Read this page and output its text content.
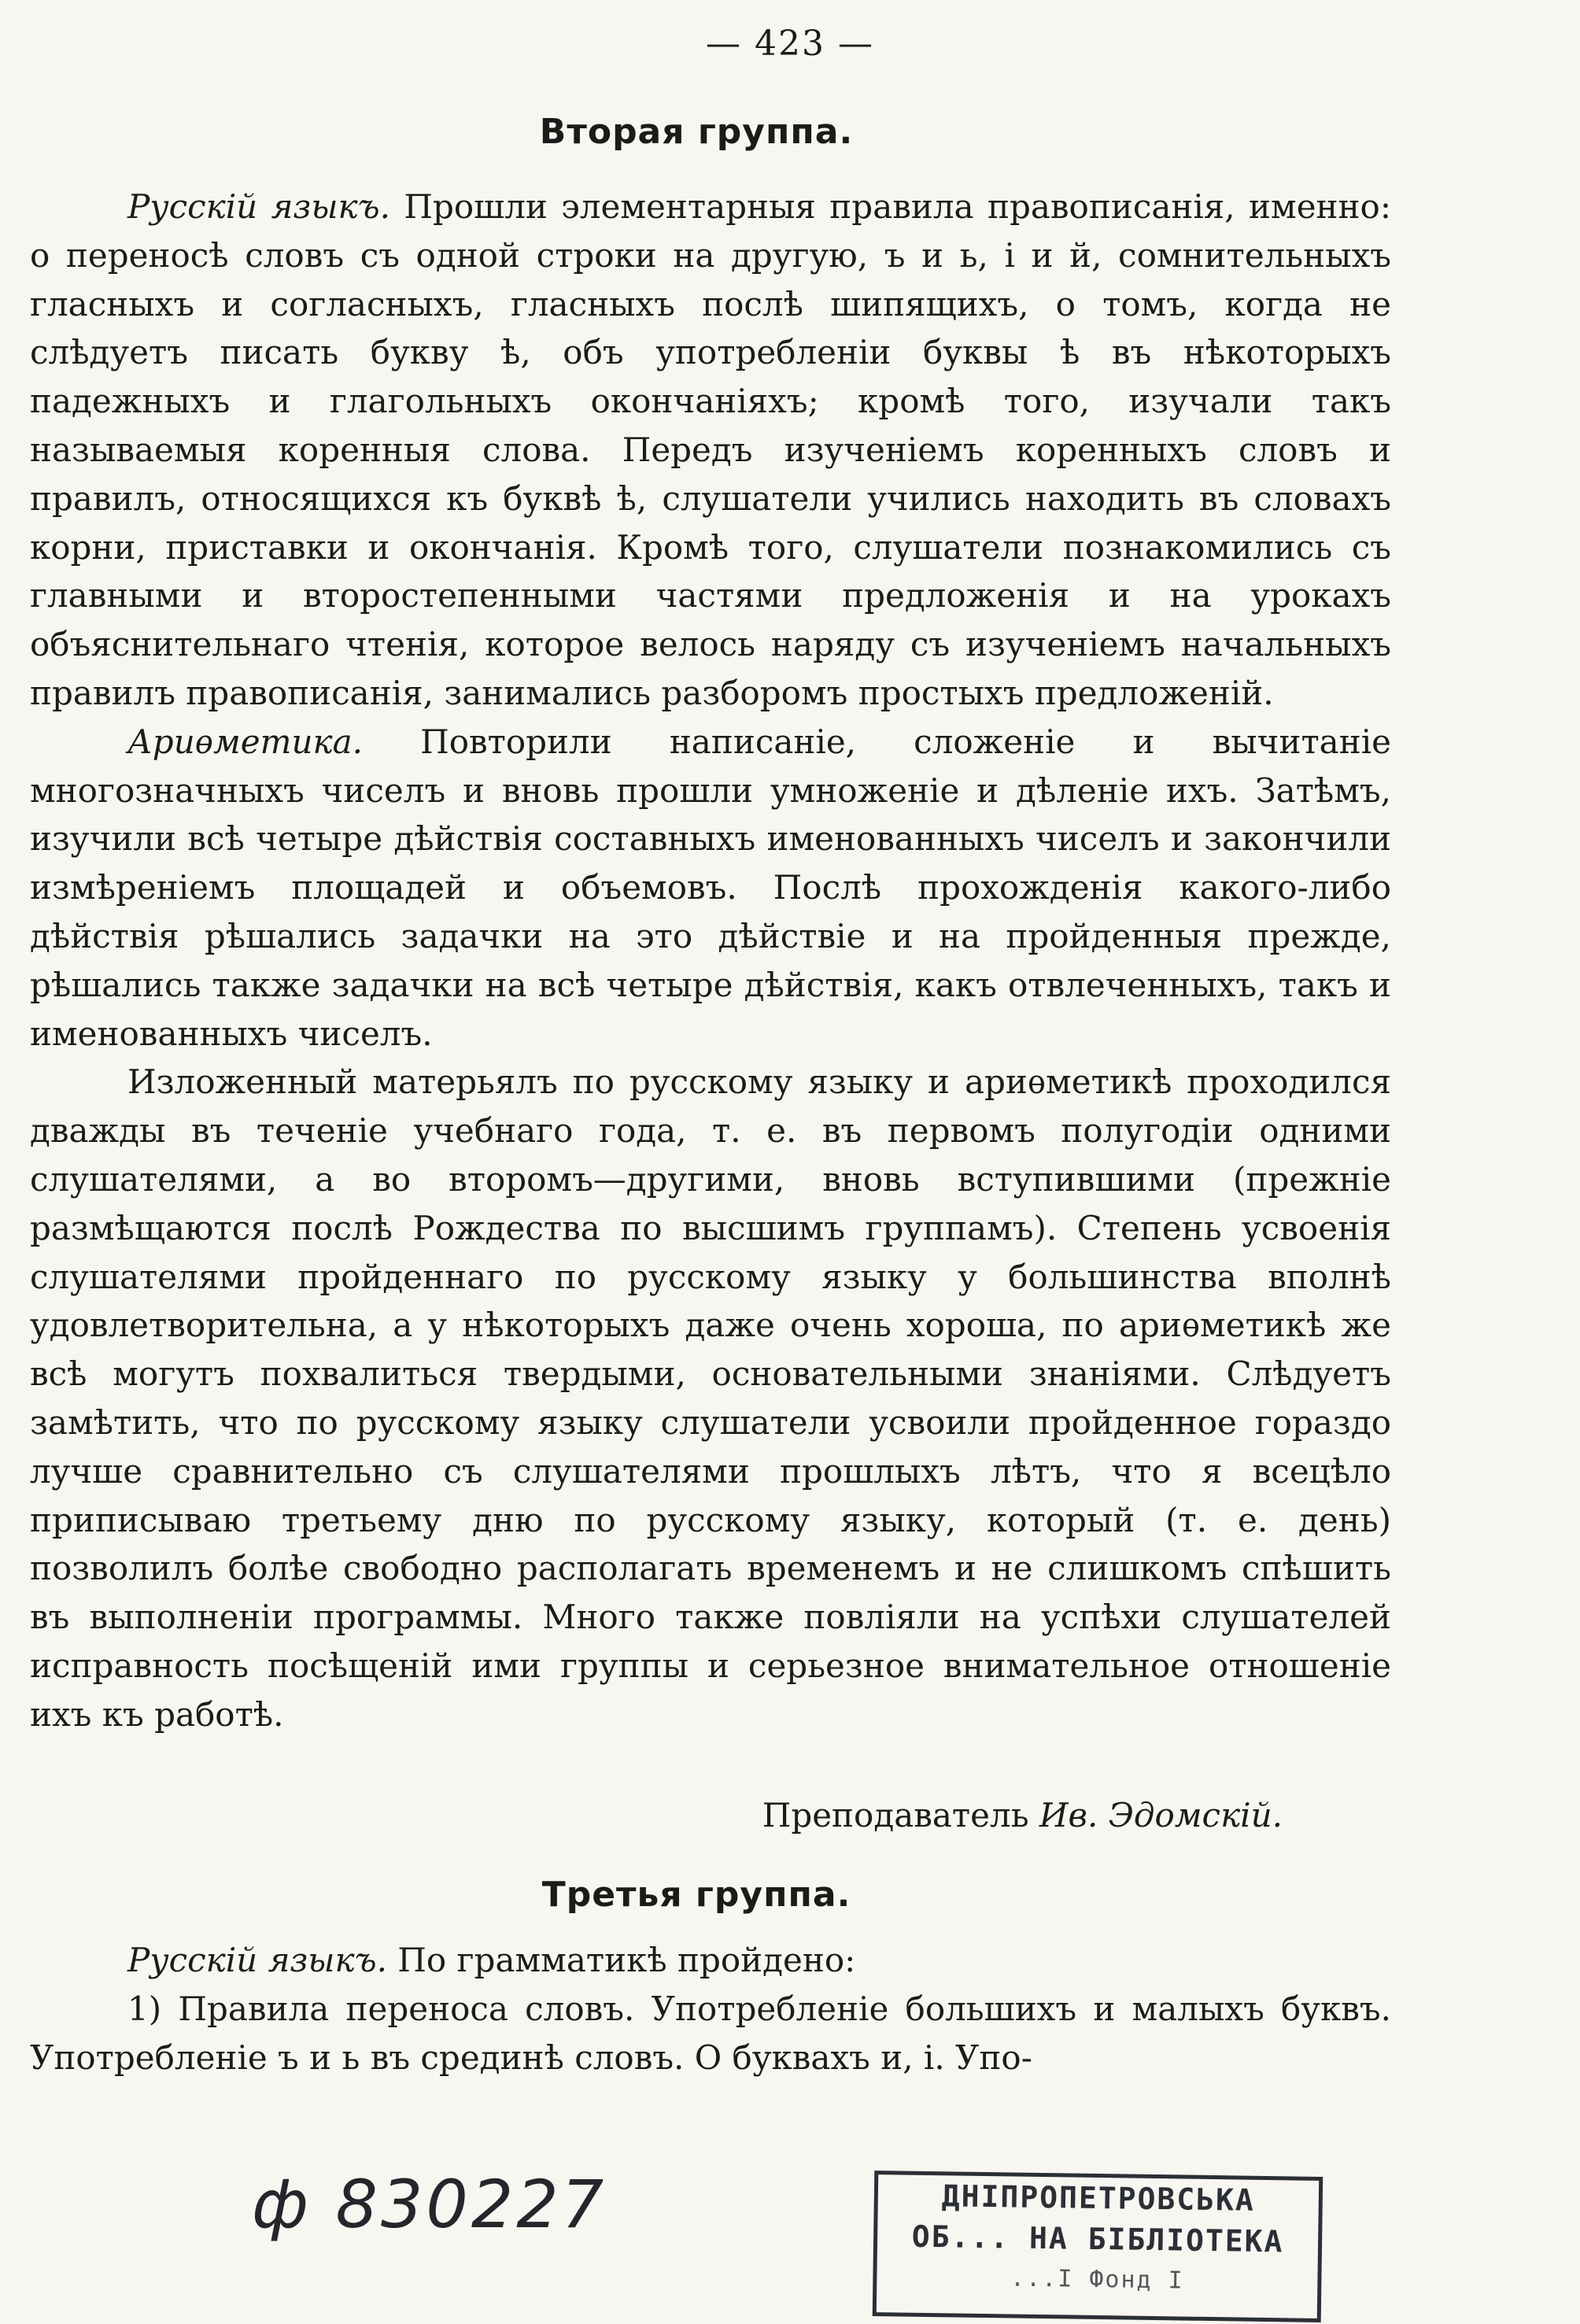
— 423 —
Вторая группа.

Русскій языкъ. Прошли элементарныя правила правописанія, именно: о переносѣ словъ съ одной строки на другую, ъ и ь, і и й, сомнительныхъ гласныхъ и согласныхъ, гласныхъ послѣ шипящихъ, о томъ, когда не слѣдуетъ писать букву ѣ, объ употребленіи буквы ѣ въ нѣкоторыхъ падежныхъ и глагольныхъ окончаніяхъ; кромѣ того, изучали такъ называемыя коренныя слова. Передъ изученіемъ коренныхъ словъ и правилъ, относящихся къ буквѣ ѣ, слушатели учились находить въ словахъ корни, приставки и окончанія. Кромѣ того, слушатели познакомились съ главными и второстепенными частями предложенія и на урокахъ объяснительнаго чтенія, которое велось наряду съ изученіемъ начальныхъ правилъ правописанія, занимались разборомъ простыхъ предложеній.

Ариѳметика. Повторили написаніе, сложеніе и вычитаніе многозначныхъ чиселъ и вновь прошли умноженіе и дѣленіе ихъ. Затѣмъ, изучили всѣ четыре дѣйствія составныхъ именованныхъ чиселъ и закончили измѣреніемъ площадей и объемовъ. Послѣ прохожденія какого-либо дѣйствія рѣшались задачки на это дѣйствіе и на пройденныя прежде, рѣшались также задачки на всѣ четыре дѣйствія, какъ отвлеченныхъ, такъ и именованныхъ чиселъ.

Изложенный матерьялъ по русскому языку и ариѳметикѣ проходился дважды въ теченіе учебнаго года, т. е. въ первомъ полугодіи одними слушателями, а во второмъ—другими, вновь вступившими (прежніе размѣщаются послѣ Рождества по высшимъ группамъ). Степень усвоенія слушателями пройденнаго по русскому языку у большинства вполнѣ удовлетворительна, а у нѣкоторыхъ даже очень хороша, по ариѳметикѣ же всѣ могутъ похвалиться твердыми, основательными знаніями. Слѣдуетъ замѣтить, что по русскому языку слушатели усвоили пройденное гораздо лучше сравнительно съ слушателями прошлыхъ лѣтъ, что я всецѣло приписываю третьему дню по русскому языку, который (т. е. день) позволилъ болѣе свободно располагать временемъ и не слишкомъ спѣшить въ выполненіи программы. Много также повліяли на успѣхи слушателей исправность посѣщеній ими группы и серьезное внимательное отношеніе ихъ къ работѣ.

Преподаватель Ив. Эдомскій.
Третья группа.

Русскій языкъ. По грамматикѣ пройдено:

1) Правила переноса словъ. Употребленіе большихъ и малыхъ буквъ. Употребленіе ъ и ь въ срединѣ словъ. О буквахъ и, і. Упо-

ф 830227	ДНІПРОПЕТРОВСЬКА
ОБ... НА БІБЛІОТЕКА
...І Фонд І
